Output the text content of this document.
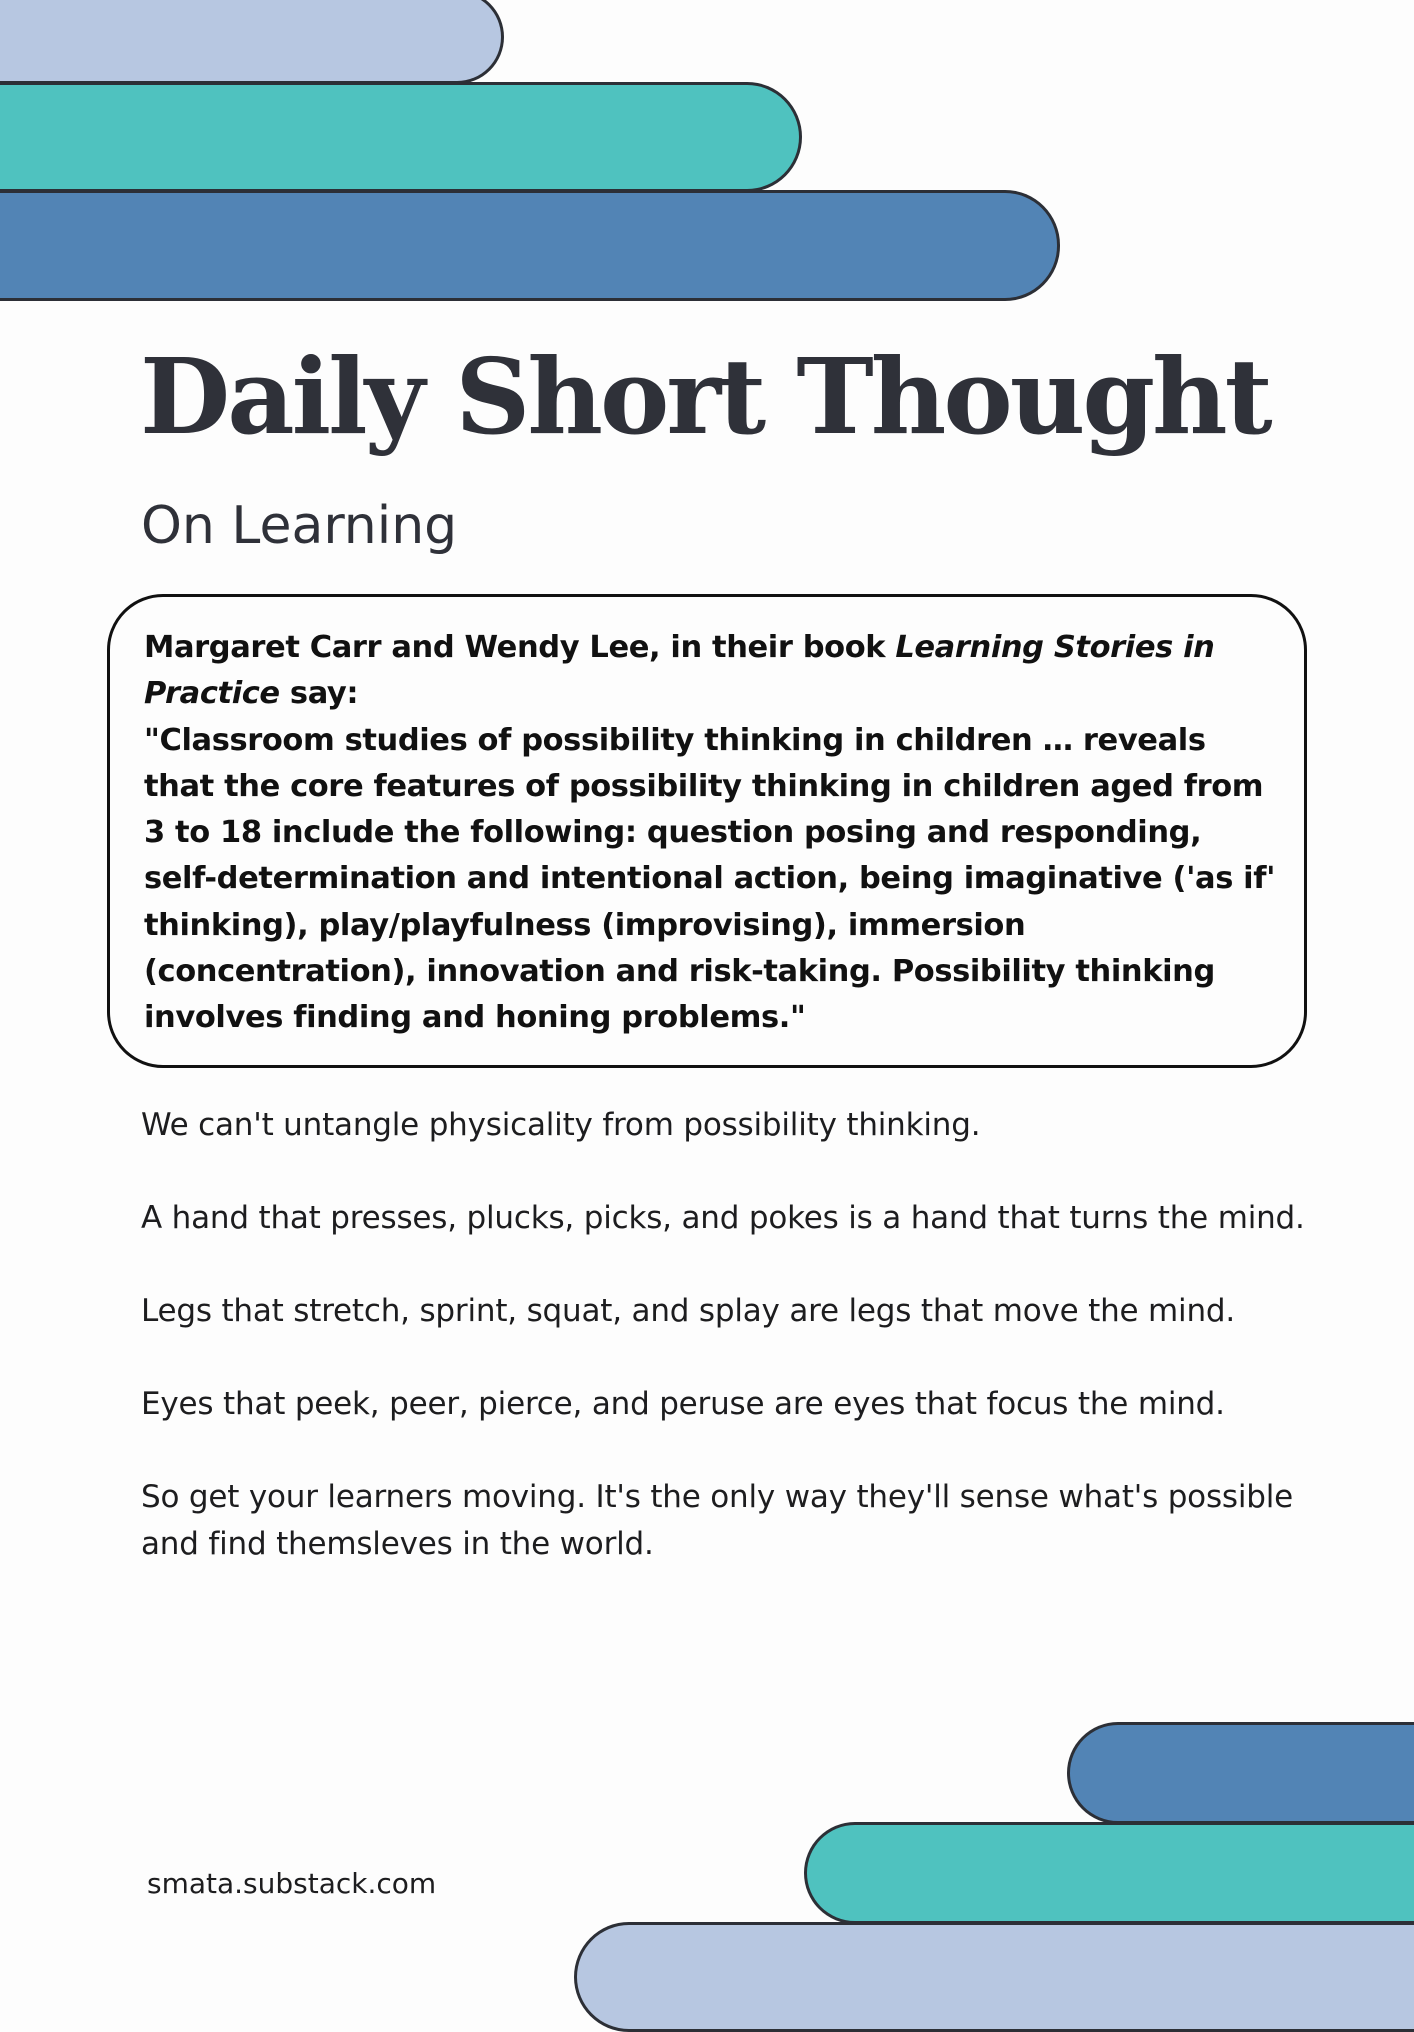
Daily Short Thought
On Learning

Margaret Carr and Wendy Lee, in their book Learning Stories in Practice say:
"Classroom studies of possibility thinking in children … reveals that the core features of possibility thinking in children aged from 3 to 18 include the following: question posing and responding, self-determination and intentional action, being imaginative ('as if' thinking), play/playfulness (improvising), immersion (concentration), innovation and risk-taking. Possibility thinking involves finding and honing problems."

We can't untangle physicality from possibility thinking.

A hand that presses, plucks, picks, and pokes is a hand that turns the mind.

Legs that stretch, sprint, squat, and splay are legs that move the mind.

Eyes that peek, peer, pierce, and peruse are eyes that focus the mind.

So get your learners moving. It's the only way they'll sense what's possible and find themsleves in the world.

smata.substack.com
